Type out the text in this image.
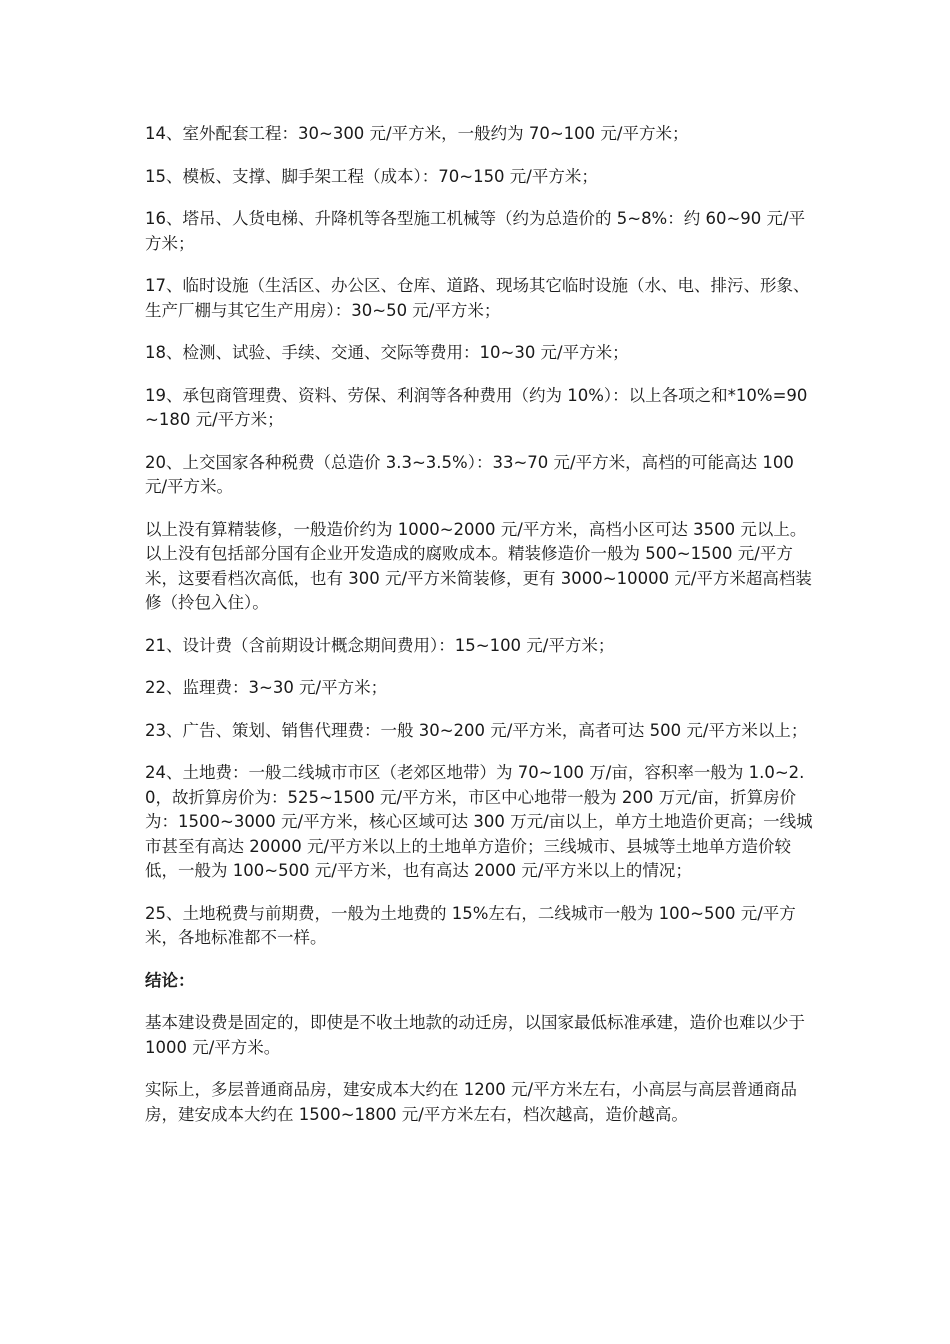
14、室外配套工程：30~300 元/平方米，一般约为 70~100 元/平方米；

15、模板、支撑、脚手架工程（成本）：70~150 元/平方米；

16、塔吊、人货电梯、升降机等各型施工机械等（约为总造价的 5~8%：约 60~90 元/平方米；

17、临时设施（生活区、办公区、仓库、道路、现场其它临时设施（水、电、排污、形象、生产厂棚与其它生产用房）：30~50 元/平方米；

18、检测、试验、手续、交通、交际等费用：10~30 元/平方米；

19、承包商管理费、资料、劳保、利润等各种费用（约为 10%）：以上各项之和*10%=90~180 元/平方米；

20、上交国家各种税费（总造价 3.3~3.5%）：33~70 元/平方米，高档的可能高达 100 元/平方米。

以上没有算精装修，一般造价约为 1000~2000 元/平方米，高档小区可达 3500 元以上。以上没有包括部分国有企业开发造成的腐败成本。精装修造价一般为 500~1500 元/平方米，这要看档次高低，也有 300 元/平方米简装修，更有 3000~10000 元/平方米超高档装修（拎包入住）。

21、设计费（含前期设计概念期间费用）：15~100 元/平方米；

22、监理费：3~30 元/平方米；

23、广告、策划、销售代理费：一般 30~200 元/平方米，高者可达 500 元/平方米以上；

24、土地费：一般二线城市市区（老郊区地带）为 70~100 万/亩，容积率一般为 1.0~2.0，故折算房价为：525~1500 元/平方米，市区中心地带一般为 200 万元/亩，折算房价为：1500~3000 元/平方米，核心区域可达 300 万元/亩以上，单方土地造价更高；一线城市甚至有高达 20000 元/平方米以上的土地单方造价；三线城市、县城等土地单方造价较低，一般为 100~500 元/平方米，也有高达 2000 元/平方米以上的情况；

25、土地税费与前期费，一般为土地费的 15%左右，二线城市一般为 100~500 元/平方米，各地标准都不一样。

结论：

基本建设费是固定的，即使是不收土地款的动迁房，以国家最低标准承建，造价也难以少于 1000 元/平方米。

实际上，多层普通商品房，建安成本大约在 1200 元/平方米左右，小高层与高层普通商品房，建安成本大约在 1500~1800 元/平方米左右，档次越高，造价越高。
